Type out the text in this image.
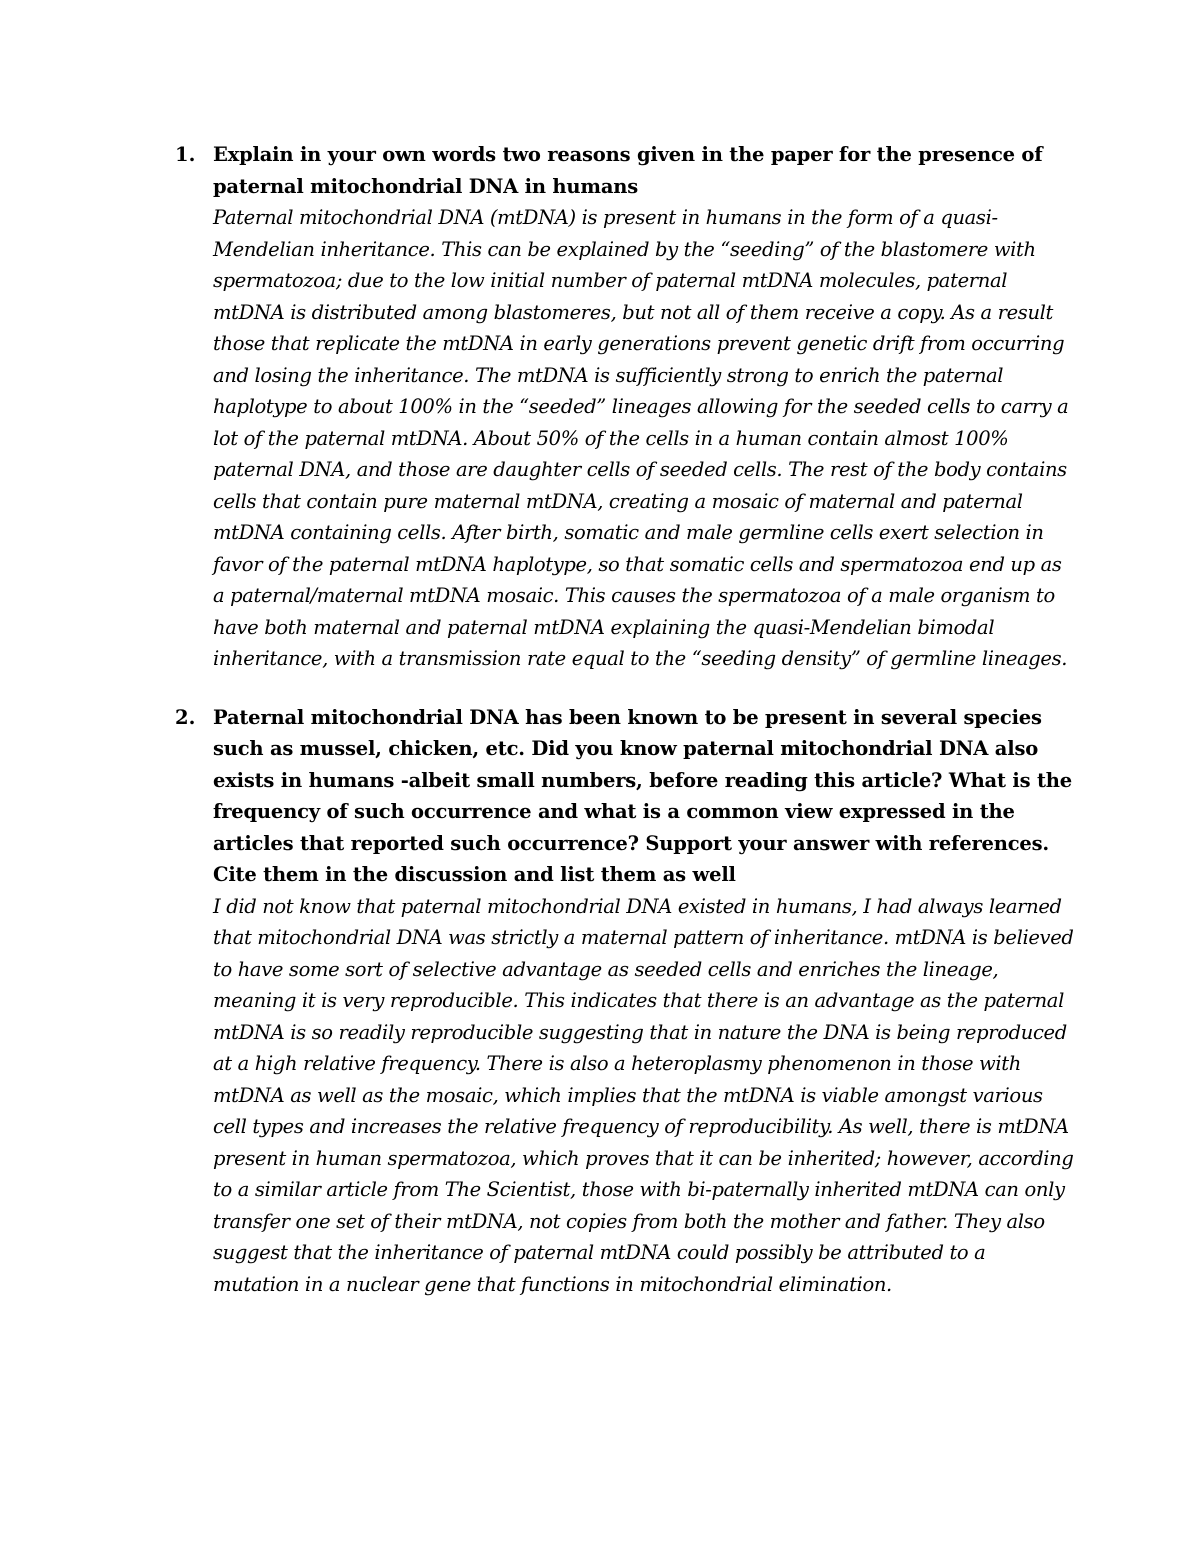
1. Explain in your own words two reasons given in the paper for the presence of paternal mitochondrial DNA in humans
Paternal mitochondrial DNA (mtDNA) is present in humans in the form of a quasi-Mendelian inheritance. This can be explained by the “seeding” of the blastomere with spermatozoa; due to the low initial number of paternal mtDNA molecules, paternal mtDNA is distributed among blastomeres, but not all of them receive a copy. As a result those that replicate the mtDNA in early generations prevent genetic drift from occurring and losing the inheritance. The mtDNA is sufficiently strong to enrich the paternal haplotype to about 100% in the “seeded” lineages allowing for the seeded cells to carry a lot of the paternal mtDNA. About 50% of the cells in a human contain almost 100% paternal DNA, and those are daughter cells of seeded cells. The rest of the body contains cells that contain pure maternal mtDNA, creating a mosaic of maternal and paternal mtDNA containing cells. After birth, somatic and male germline cells exert selection in favor of the paternal mtDNA haplotype, so that somatic cells and spermatozoa end up as a paternal/maternal mtDNA mosaic. This causes the spermatozoa of a male organism to have both maternal and paternal mtDNA explaining the quasi-Mendelian bimodal inheritance, with a transmission rate equal to the “seeding density” of germline lineages.
2. Paternal mitochondrial DNA has been known to be present in several species such as mussel, chicken, etc. Did you know paternal mitochondrial DNA also exists in humans -albeit small numbers, before reading this article? What is the frequency of such occurrence and what is a common view expressed in the articles that reported such occurrence? Support your answer with references. Cite them in the discussion and list them as well
I did not know that paternal mitochondrial DNA existed in humans, I had always learned that mitochondrial DNA was strictly a maternal pattern of inheritance. mtDNA is believed to have some sort of selective advantage as seeded cells and enriches the lineage, meaning it is very reproducible. This indicates that there is an advantage as the paternal mtDNA is so readily reproducible suggesting that in nature the DNA is being reproduced at a high relative frequency. There is also a heteroplasmy phenomenon in those with mtDNA as well as the mosaic, which implies that the mtDNA is viable amongst various cell types and increases the relative frequency of reproducibility. As well, there is mtDNA present in human spermatozoa, which proves that it can be inherited; however, according to a similar article from The Scientist, those with bi-paternally inherited mtDNA can only transfer one set of their mtDNA, not copies from both the mother and father. They also suggest that the inheritance of paternal mtDNA could possibly be attributed to a mutation in a nuclear gene that functions in mitochondrial elimination.
